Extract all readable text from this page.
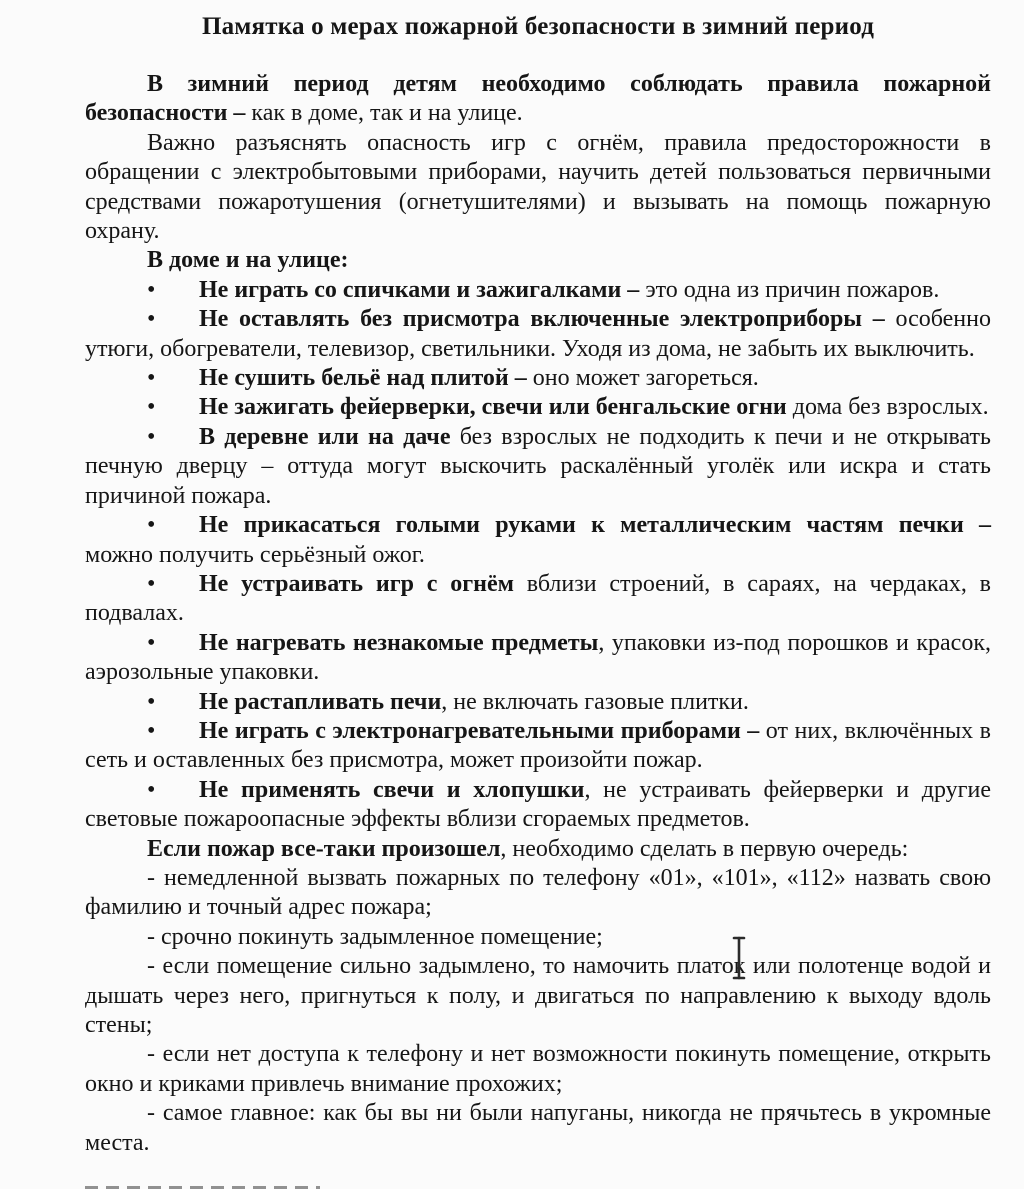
Памятка о мерах пожарной безопасности в зимний период

В зимний период детям необходимо соблюдать правила пожарной безопасности – как в доме, так и на улице.

Важно разъяснять опасность игр с огнём, правила предосторожности в обращении с электробытовыми приборами, научить детей пользоваться первичными средствами пожаротушения (огнетушителями) и вызывать на помощь пожарную охрану.

В доме и на улице:

• Не играть со спичками и зажигалками – это одна из причин пожаров.

• Не оставлять без присмотра включенные электроприборы – особенно утюги, обогреватели, телевизор, светильники. Уходя из дома, не забыть их выключить.

• Не сушить бельё над плитой – оно может загореться.

• Не зажигать фейерверки, свечи или бенгальские огни дома без взрослых.

• В деревне или на даче без взрослых не подходить к печи и не открывать печную дверцу – оттуда могут выскочить раскалённый уголёк или искра и стать причиной пожара.

• Не прикасаться голыми руками к металлическим частям печки – можно получить серьёзный ожог.

• Не устраивать игр с огнём вблизи строений, в сараях, на чердаках, в подвалах.

• Не нагревать незнакомые предметы, упаковки из-под порошков и красок, аэрозольные упаковки.

• Не растапливать печи, не включать газовые плитки.

• Не играть с электронагревательными приборами – от них, включённых в сеть и оставленных без присмотра, может произойти пожар.

• Не применять свечи и хлопушки, не устраивать фейерверки и другие световые пожароопасные эффекты вблизи сгораемых предметов.

Если пожар все-таки произошел, необходимо сделать в первую очередь:

- немедленной вызвать пожарных по телефону «01», «101», «112» назвать свою фамилию и точный адрес пожара;

- срочно покинуть задымленное помещение;

- если помещение сильно задымлено, то намочить платок или полотенце водой и дышать через него, пригнуться к полу, и двигаться по направлению к выходу вдоль стены;

- если нет доступа к телефону и нет возможности покинуть помещение, открыть окно и криками привлечь внимание прохожих;

- самое главное: как бы вы ни были напуганы, никогда не прячьтесь в укромные места.
